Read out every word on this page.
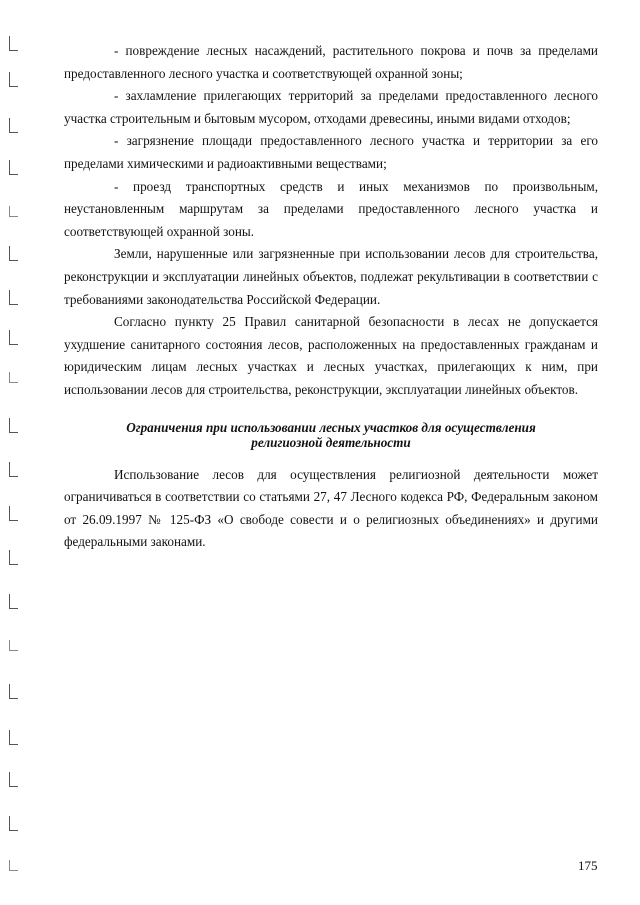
- повреждение лесных насаждений, растительного покрова и почв за пределами предоставленного лесного участка и соответствующей охранной зоны;

- захламление прилегающих территорий за пределами предоставленного лесного участка строительным и бытовым мусором, отходами древесины, иными видами отходов;

- загрязнение площади предоставленного лесного участка и территории за его пределами химическими и радиоактивными веществами;

- проезд транспортных средств и иных механизмов по произвольным, неустановленным маршрутам за пределами предоставленного лесного участка и соответствующей охранной зоны.

Земли, нарушенные или загрязненные при использовании лесов для строительства, реконструкции и эксплуатации линейных объектов, подлежат рекультивации в соответствии с требованиями законодательства Российской Федерации.

Согласно пункту 25 Правил санитарной безопасности в лесах не допускается ухудшение санитарного состояния лесов, расположенных на предоставленных гражданам и юридическим лицам лесных участках и лесных участках, прилегающих к ним, при использовании лесов для строительства, реконструкции, эксплуатации линейных объектов.

Ограничения при использовании лесных участков для осуществления
религиозной деятельности

Использование лесов для осуществления религиозной деятельности может ограничиваться в соответствии со статьями 27, 47 Лесного кодекса РФ, Федеральным законом от 26.09.1997 № 125-ФЗ «О свободе совести и о религиозных объединениях» и другими федеральными законами.

175
